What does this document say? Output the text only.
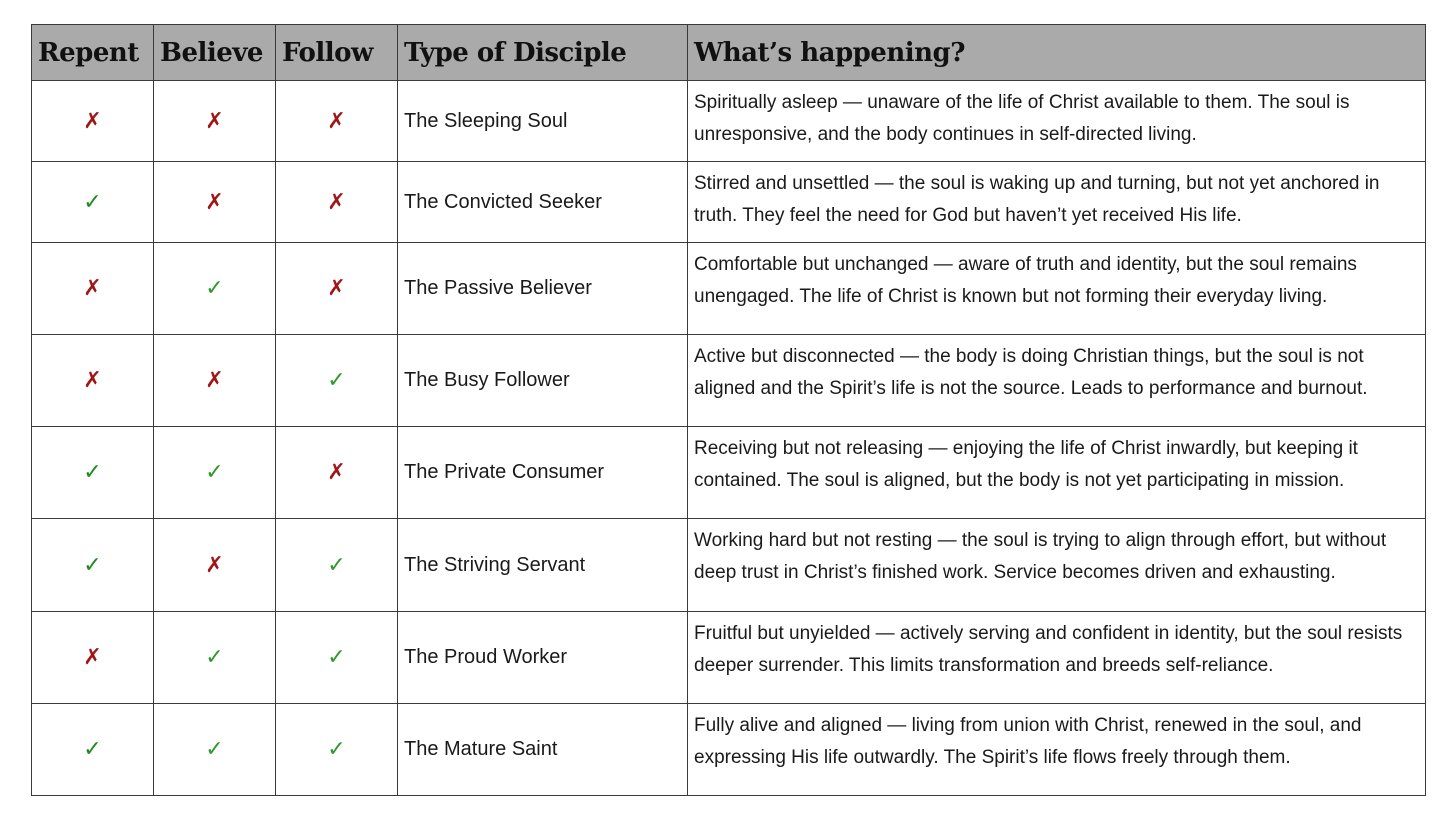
Repent	Believe	Follow	Type of Disciple	What’s happening?
✗	✗	✗	The Sleeping Soul	Spiritually asleep — unaware of the life of Christ available to them. The soul is unresponsive, and the body continues in self-directed living.

✓	✗	✗	The Convicted Seeker	Stirred and unsettled — the soul is waking up and turning, but not yet anchored in truth. They feel the need for God but haven’t yet received His life.

✗	✓	✗	The Passive Believer	Comfortable but unchanged — aware of truth and identity, but the soul remains unengaged. The life of Christ is known but not forming their everyday living.

✗	✗	✓	The Busy Follower	Active but disconnected — the body is doing Christian things, but the soul is not aligned and the Spirit’s life is not the source. Leads to performance and burnout.

✓	✓	✗	The Private Consumer	Receiving but not releasing — enjoying the life of Christ inwardly, but keeping it contained. The soul is aligned, but the body is not yet participating in mission.

✓	✗	✓	The Striving Servant	Working hard but not resting — the soul is trying to align through effort, but without deep trust in Christ’s finished work. Service becomes driven and exhausting.

✗	✓	✓	The Proud Worker	Fruitful but unyielded — actively serving and confident in identity, but the soul resists deeper surrender. This limits transformation and breeds self-reliance.

✓	✓	✓	The Mature Saint	Fully alive and aligned — living from union with Christ, renewed in the soul, and expressing His life outwardly. The Spirit’s life flows freely through them.
